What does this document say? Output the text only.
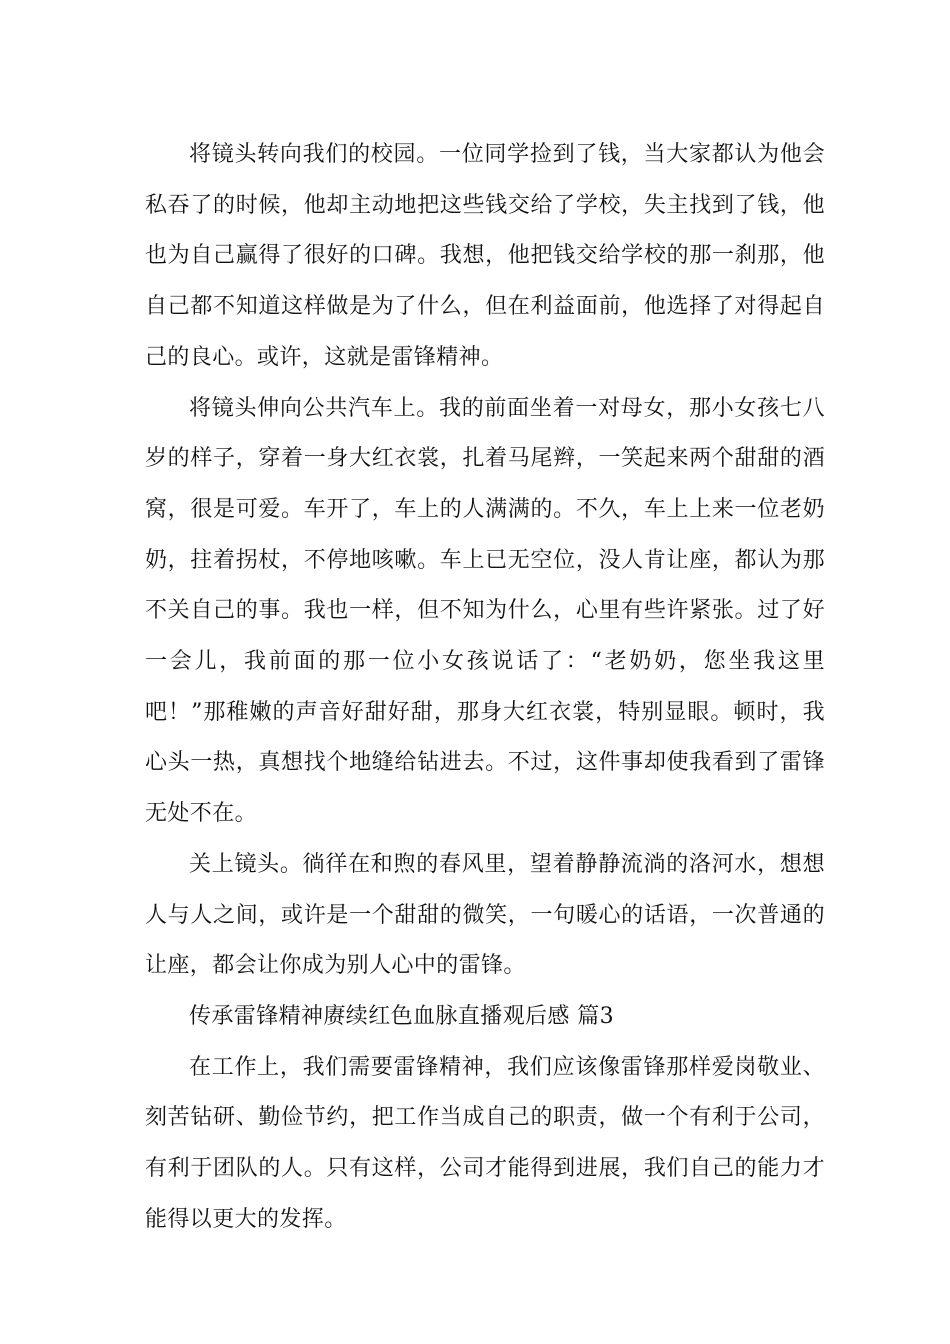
将镜头转向我们的校园。一位同学捡到了钱，当大家都认为他会私吞了的时候，他却主动地把这些钱交给了学校，失主找到了钱，他也为自己赢得了很好的口碑。我想，他把钱交给学校的那一刹那，他自己都不知道这样做是为了什么，但在利益面前，他选择了对得起自己的良心。或许，这就是雷锋精神。

将镜头伸向公共汽车上。我的前面坐着一对母女，那小女孩七八岁的样子，穿着一身大红衣裳，扎着马尾辫，一笑起来两个甜甜的酒窝，很是可爱。车开了，车上的人满满的。不久，车上上来一位老奶奶，拄着拐杖，不停地咳嗽。车上已无空位，没人肯让座，都认为那不关自己的事。我也一样，但不知为什么，心里有些许紧张。过了好一会儿，我前面的那一位小女孩说话了：“老奶奶，您坐我这里吧！”那稚嫩的声音好甜好甜，那身大红衣裳，特别显眼。顿时，我心头一热，真想找个地缝给钻进去。不过，这件事却使我看到了雷锋无处不在。

关上镜头。徜徉在和煦的春风里，望着静静流淌的洛河水，想想人与人之间，或许是一个甜甜的微笑，一句暖心的话语，一次普通的让座，都会让你成为别人心中的雷锋。

传承雷锋精神赓续红色血脉直播观后感 篇3

在工作上，我们需要雷锋精神，我们应该像雷锋那样爱岗敬业、刻苦钻研、勤俭节约，把工作当成自己的职责，做一个有利于公司，有利于团队的人。只有这样，公司才能得到进展，我们自己的能力才能得以更大的发挥。
